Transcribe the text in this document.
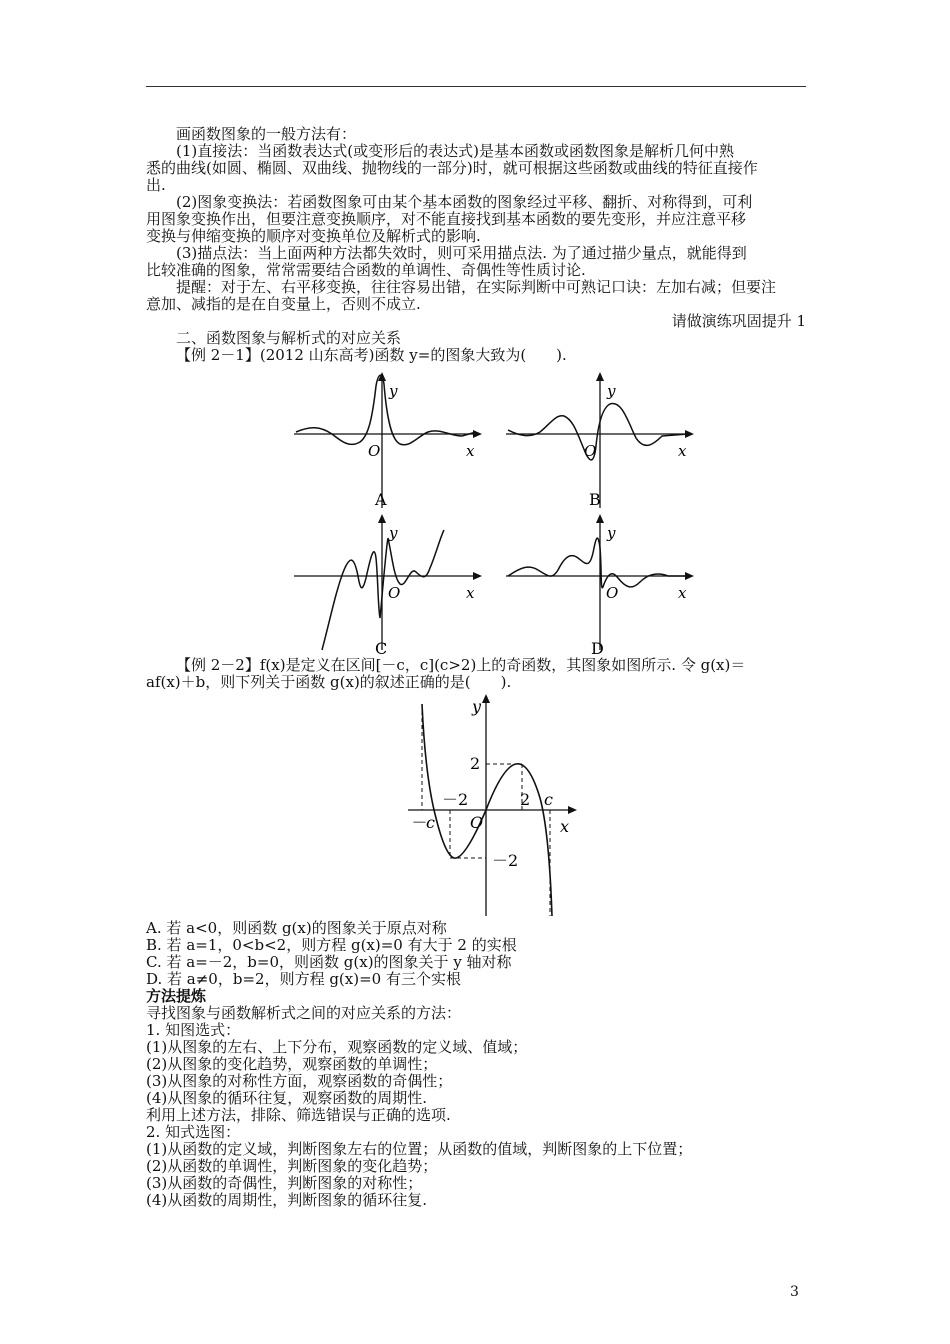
画函数图象的一般方法有：
(1)直接法：当函数表达式(或变形后的表达式)是基本函数或函数图象是解析几何中熟
悉的曲线(如圆、椭圆、双曲线、抛物线的一部分)时，就可根据这些函数或曲线的特征直接作
出.
(2)图象变换法：若函数图象可由某个基本函数的图象经过平移、翻折、对称得到，可利
用图象变换作出，但要注意变换顺序，对不能直接找到基本函数的要先变形，并应注意平移
变换与伸缩变换的顺序对变换单位及解析式的影响.
(3)描点法：当上面两种方法都失效时，则可采用描点法. 为了通过描少量点，就能得到
比较准确的图象，常常需要结合函数的单调性、奇偶性等性质讨论.
提醒：对于左、右平移变换，往往容易出错，在实际判断中可熟记口诀：左加右减；但要注
意加、减指的是在自变量上，否则不成立.
请做演练巩固提升 1
二、函数图象与解析式的对应关系
【例 2－1】(2012 山东高考)函数 y=的图象大致为(　　).
y
x
O
A
y
x
O
B
y
x
O
C
y
x
O
D
【例 2－2】f(x)是定义在区间[－c，c](c>2)上的奇函数，其图象如图所示. 令 g(x)＝
af(x)＋b，则下列关于函数 g(x)的叙述正确的是(　　).
y
2
－2	2 c
－c O	x
－2
A. 若 a<0，则函数 g(x)的图象关于原点对称
B. 若 a=1，0<b<2，则方程 g(x)=0 有大于 2 的实根
C. 若 a=－2，b=0，则函数 g(x)的图象关于 y 轴对称
D. 若 a≠0，b=2，则方程 g(x)=0 有三个实根
方法提炼
寻找图象与函数解析式之间的对应关系的方法：
1. 知图选式：
(1)从图象的左右、上下分布，观察函数的定义域、值域；
(2)从图象的变化趋势，观察函数的单调性；
(3)从图象的对称性方面，观察函数的奇偶性；
(4)从图象的循环往复，观察函数的周期性.
利用上述方法，排除、筛选错误与正确的选项.
2. 知式选图：
(1)从函数的定义域，判断图象左右的位置；从函数的值域，判断图象的上下位置；
(2)从函数的单调性，判断图象的变化趋势；
(3)从函数的奇偶性，判断图象的对称性；
(4)从函数的周期性，判断图象的循环往复.
3
